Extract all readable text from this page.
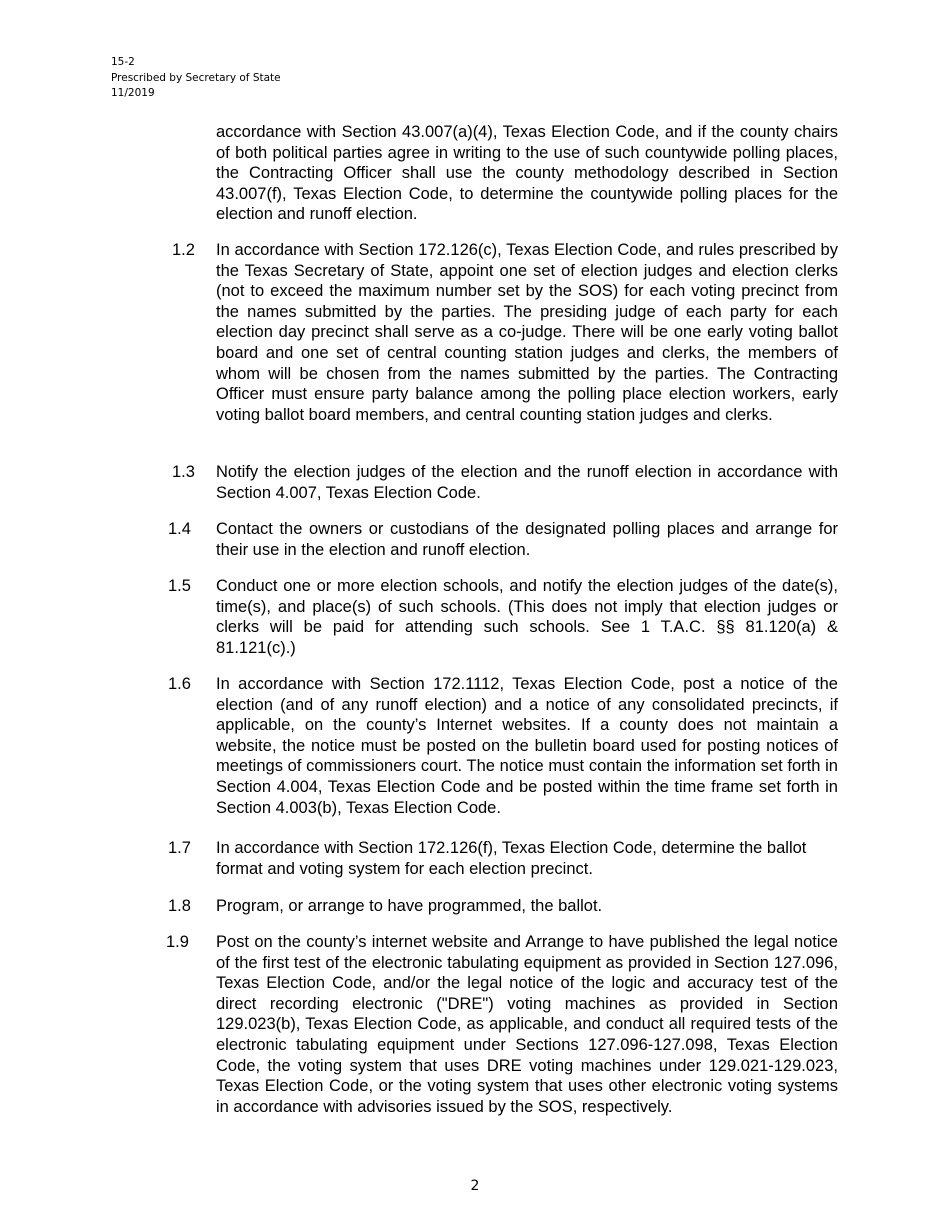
15-2
Prescribed by Secretary of State
11/2019
accordance with Section 43.007(a)(4), Texas Election Code, and if the county chairs of both political parties agree in writing to the use of such countywide polling places, the Contracting Officer shall use the county methodology described in Section 43.007(f), Texas Election Code, to determine the countywide polling places for the election and runoff election.
1.2 In accordance with Section 172.126(c), Texas Election Code, and rules prescribed by the Texas Secretary of State, appoint one set of election judges and election clerks (not to exceed the maximum number set by the SOS) for each voting precinct from the names submitted by the parties. The presiding judge of each party for each election day precinct shall serve as a co-judge. There will be one early voting ballot board and one set of central counting station judges and clerks, the members of whom will be chosen from the names submitted by the parties. The Contracting Officer must ensure party balance among the polling place election workers, early voting ballot board members, and central counting station judges and clerks.
1.3 Notify the election judges of the election and the runoff election in accordance with Section 4.007, Texas Election Code.
1.4 Contact the owners or custodians of the designated polling places and arrange for their use in the election and runoff election.
1.5 Conduct one or more election schools, and notify the election judges of the date(s), time(s), and place(s) of such schools. (This does not imply that election judges or clerks will be paid for attending such schools. See 1 T.A.C. §§ 81.120(a) & 81.121(c).)
1.6 In accordance with Section 172.1112, Texas Election Code, post a notice of the election (and of any runoff election) and a notice of any consolidated precincts, if applicable, on the county’s Internet websites. If a county does not maintain a website, the notice must be posted on the bulletin board used for posting notices of meetings of commissioners court. The notice must contain the information set forth in Section 4.004, Texas Election Code and be posted within the time frame set forth in Section 4.003(b), Texas Election Code.
1.7 In accordance with Section 172.126(f), Texas Election Code, determine the ballot format and voting system for each election precinct.
1.8 Program, or arrange to have programmed, the ballot.
1.9 Post on the county’s internet website and Arrange to have published the legal notice of the first test of the electronic tabulating equipment as provided in Section 127.096, Texas Election Code, and/or the legal notice of the logic and accuracy test of the direct recording electronic ("DRE") voting machines as provided in Section 129.023(b), Texas Election Code, as applicable, and conduct all required tests of the electronic tabulating equipment under Sections 127.096-127.098, Texas Election Code, the voting system that uses DRE voting machines under 129.021-129.023, Texas Election Code, or the voting system that uses other electronic voting systems in accordance with advisories issued by the SOS, respectively.
2
